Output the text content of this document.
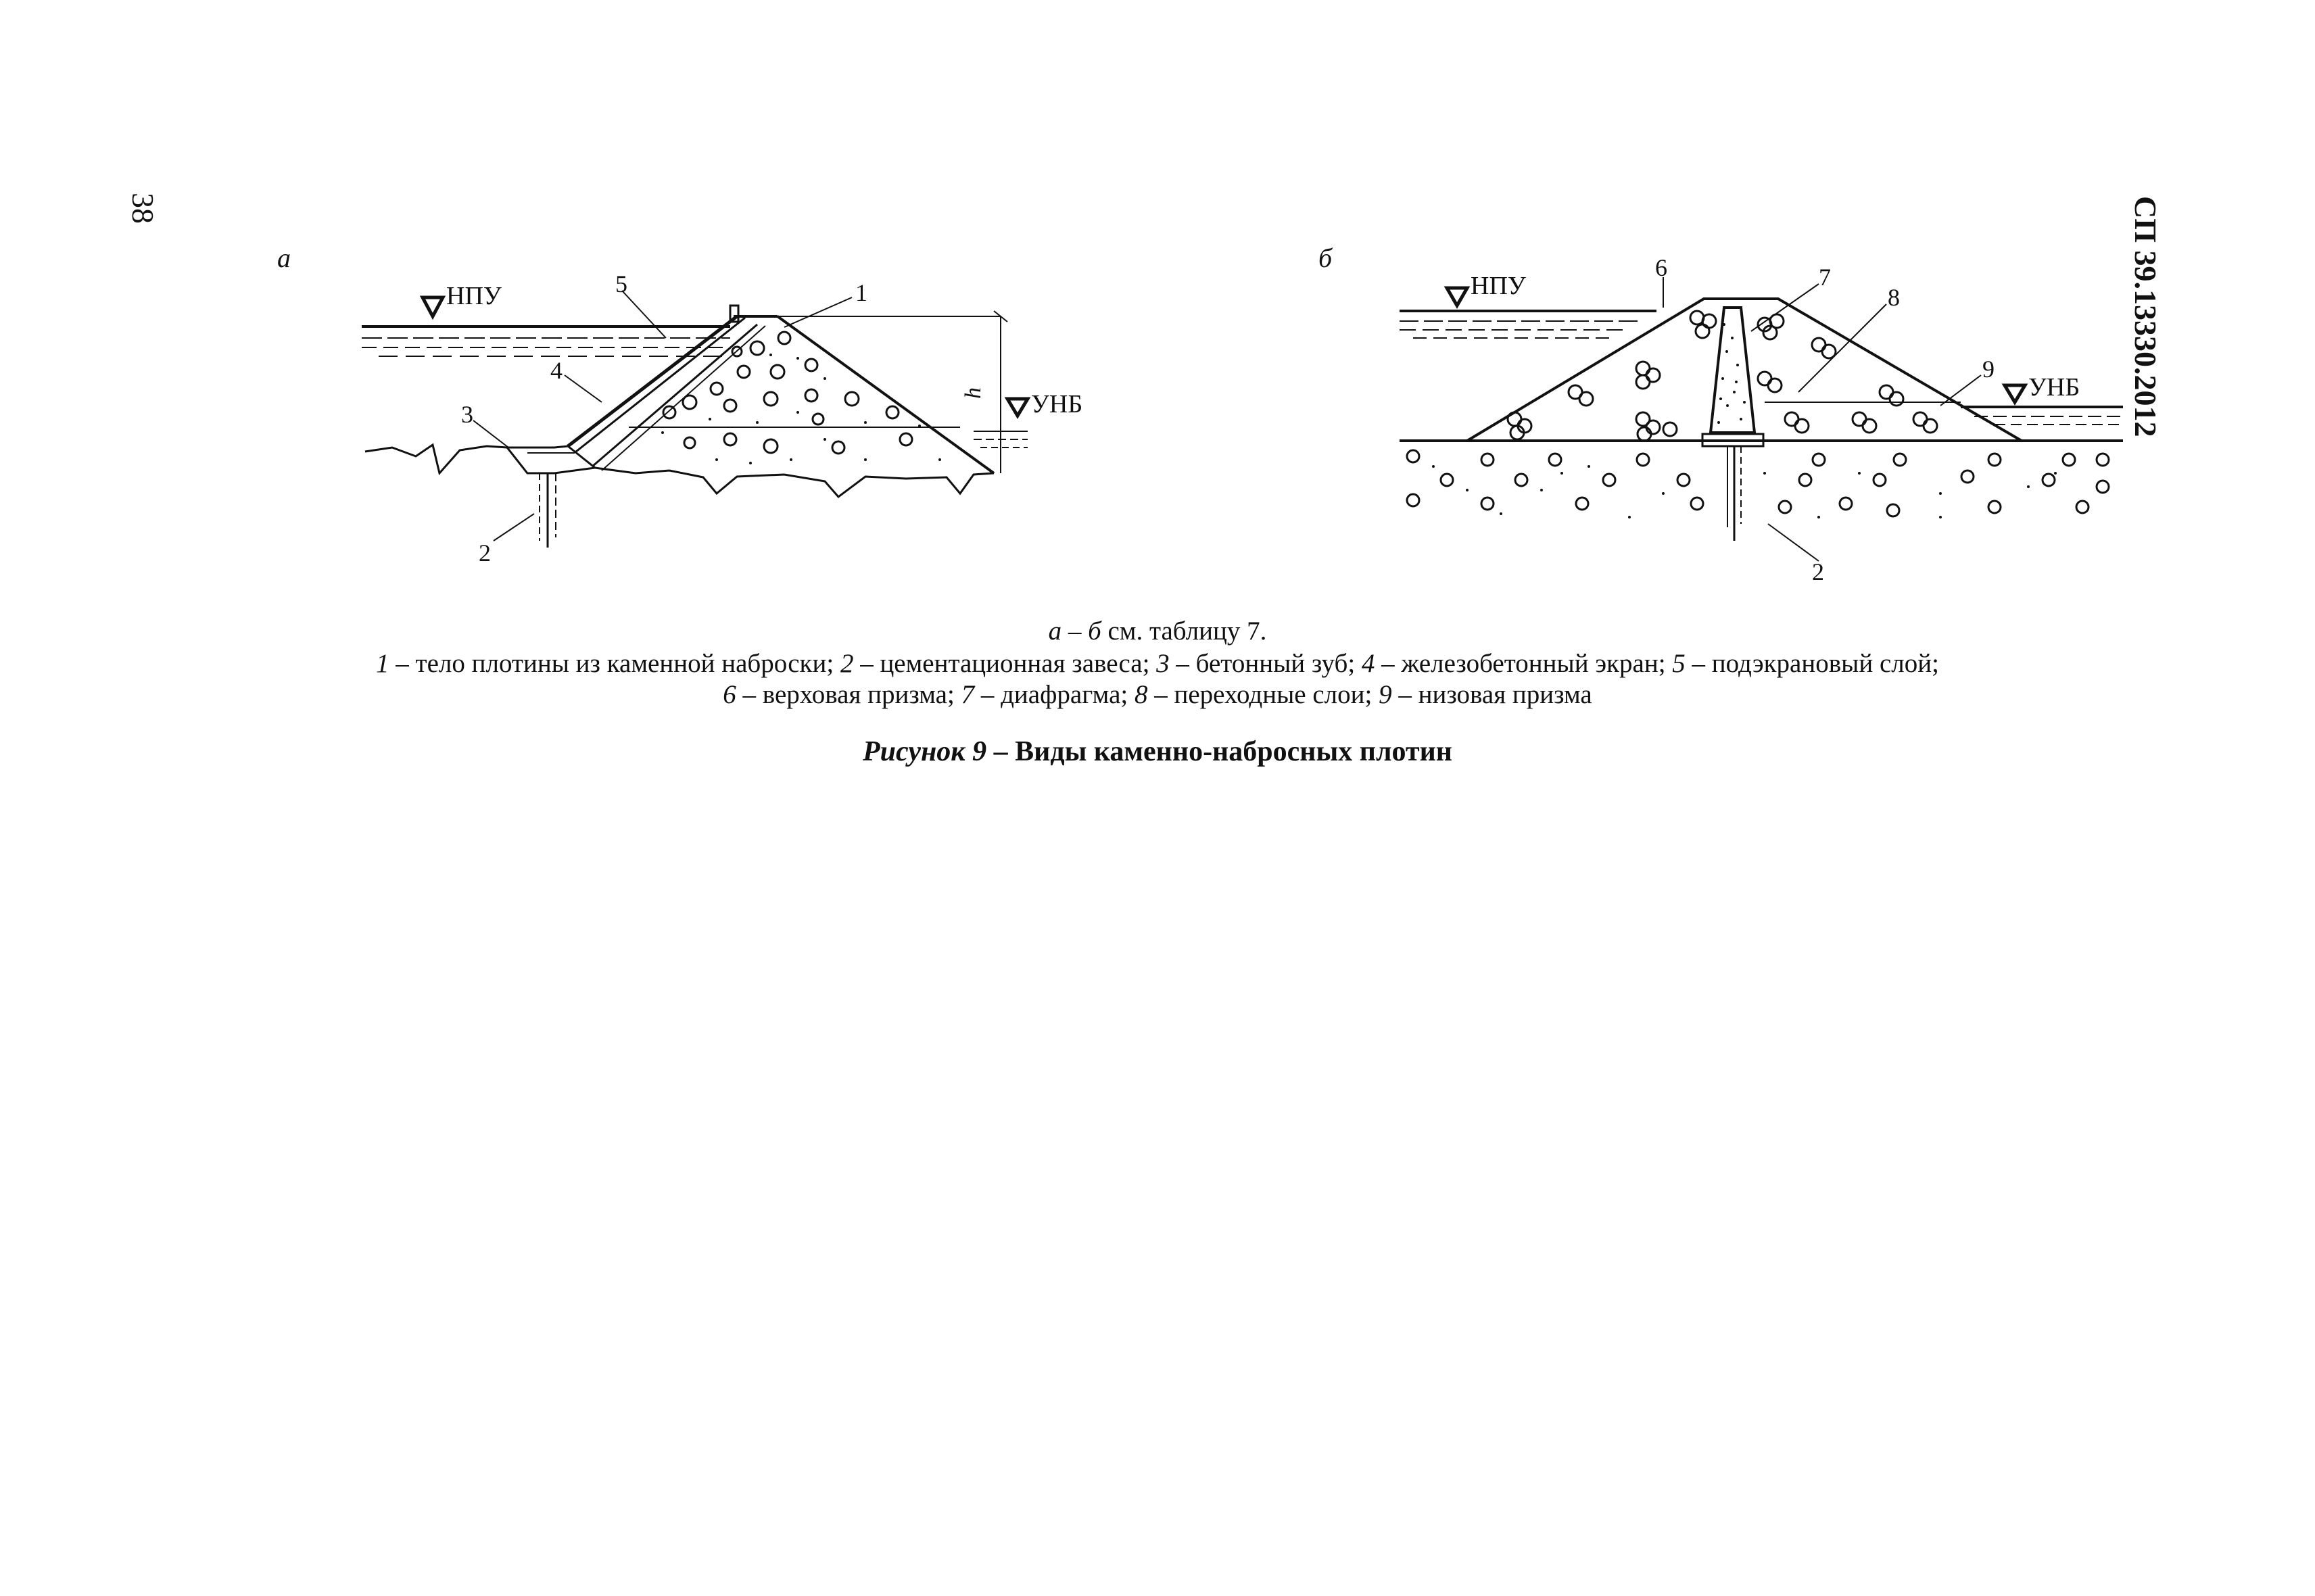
38	СП 39.13330.2012
а	б
НПУ
УНБ
h
1
2
3
4
5	НПУ
УНБ
2
6	7
8
9
а – б см. таблицу 7.
1 – тело плотины из каменной наброски; 2 – цементационная завеса; 3 – бетонный зуб; 4 – железобетонный экран; 5 – подэкрановый слой;
6 – верховая призма; 7 – диафрагма; 8 – переходные слои; 9 – низовая призма
Рисунок 9 – Виды каменно-набросных плотин
